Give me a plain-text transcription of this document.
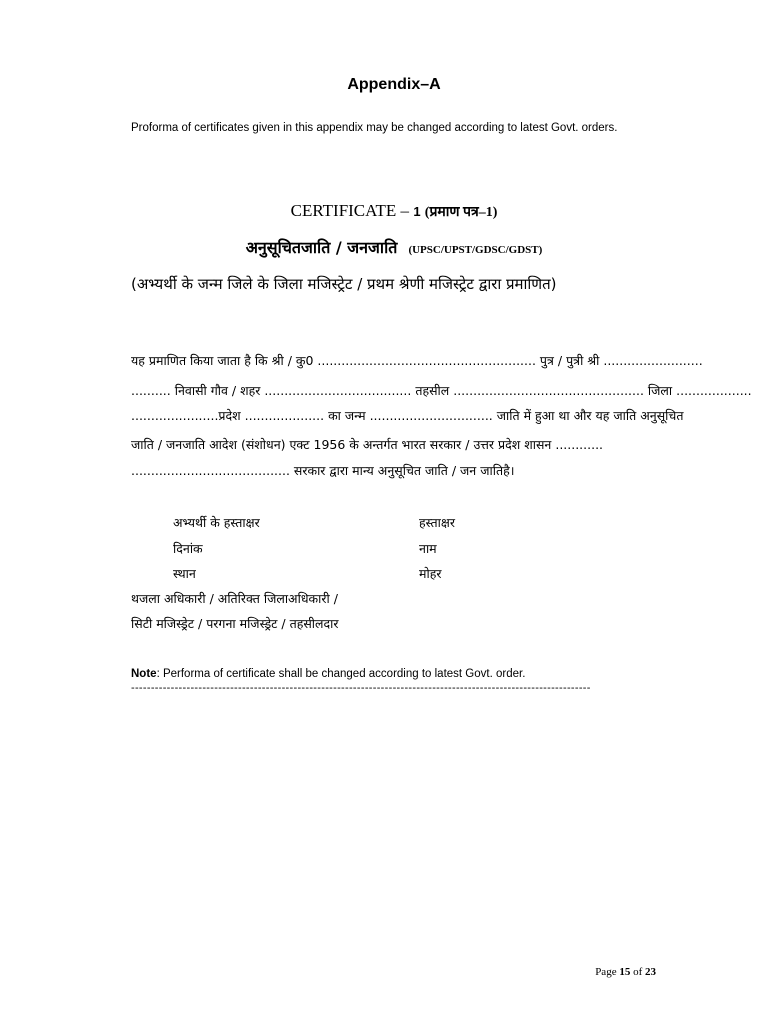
Appendix–A
Proforma of certificates given in this appendix may be changed according to latest Govt. orders.
CERTIFICATE – 1 (प्रमाण पत्र–1)
अनुसूचितजाति / जनजाति (UPSC/UPST/GDSC/GDST)
(अभ्यर्थी के जन्म जिले के जिला मजिस्ट्रेट / प्रथम श्रेणी मजिस्ट्रेट द्वारा प्रमाणित)
यह प्रमाणित किया जाता है कि श्री / कु0 ....................................................... पुत्र / पुत्री श्री .........................
.......... निवासी गौव / शहर ..................................... तहसील ................................................ जिला ...................
......................प्रदेश .................... का जन्म ............................... जाति में हुआ था और यह जाति अनुसूचित
जाति / जनजाति आदेश (संशोधन) एक्ट 1956 के अन्तर्गत भारत सरकार / उत्तर प्रदेश शासन ............
........................................ सरकार द्वारा मान्य अनुसूचित जाति / जन जातिहै।
अभ्यर्थी के हस्ताक्षर
दिनांक
स्थान
हस्ताक्षर
नाम
मोहर
थजला अधिकारी / अतिरिक्त जिलाअधिकारी /
सिटी मजिस्ड्रेट / परगना मजिस्ड्रेट / तहसीलदार
Note: Performa of certificate shall be changed according to latest Govt. order.
--------------------------------------------------------------------------------------------------------------------
Page 15 of 23
